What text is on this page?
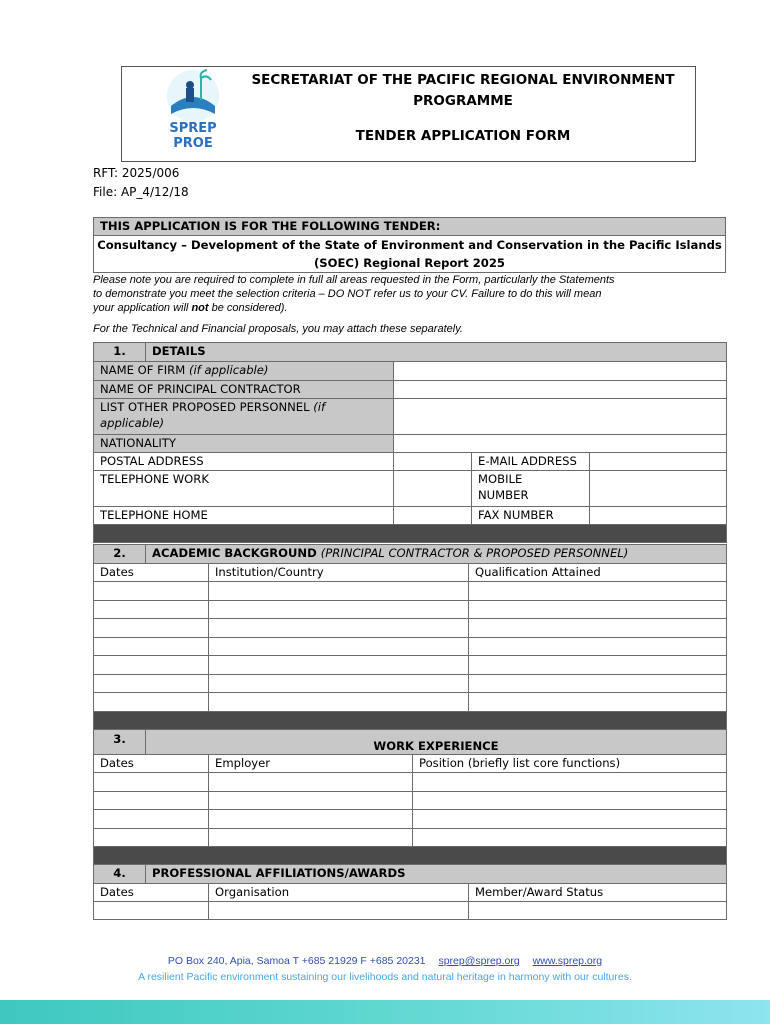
SPREP
PROE
SECRETARIAT OF THE PACIFIC REGIONAL ENVIRONMENT
PROGRAMME
TENDER APPLICATION FORM
RFT: 2025/006
File: AP_4/12/18
THIS APPLICATION IS FOR THE FOLLOWING TENDER:

Consultancy – Development of the State of Environment and Conservation in the Pacific Islands
(SOEC) Regional Report 2025
Please note you are required to complete in full all areas requested in the Form, particularly the Statements
to demonstrate you meet the selection criteria – DO NOT refer us to your CV. Failure to do this will mean
your application will not be considered).
For the Technical and Financial proposals, you may attach these separately.
1.	DETAILS			
NAME OF FIRM (if applicable)				
NAME OF PRINCIPAL CONTRACTOR				

LIST OTHER PROPOSED PERSONNEL (if
applicable)				

NATIONALITY				
POSTAL ADDRESS			E-MAIL ADDRESS	
TELEPHONE WORK			MOBILE
NUMBER	

TELEPHONE HOME			FAX NUMBER	

2.	ACADEMIC BACKGROUND (PRINCIPAL CONTRACTOR & PROPOSED PERSONNEL)		
Dates		Institution/Country	Qualification Attained

3.	WORK EXPERIENCE		
Dates		Employer	Position (briefly list core functions)

4.	PROFESSIONAL AFFILIATIONS/AWARDS		
Dates		Organisation	Member/Award Status

PO Box 240, Apia, Samoa T +685 21929 F +685 20231 sprep@sprep.org www.sprep.org
A resilient Pacific environment sustaining our livelihoods and natural heritage in harmony with our cultures.
